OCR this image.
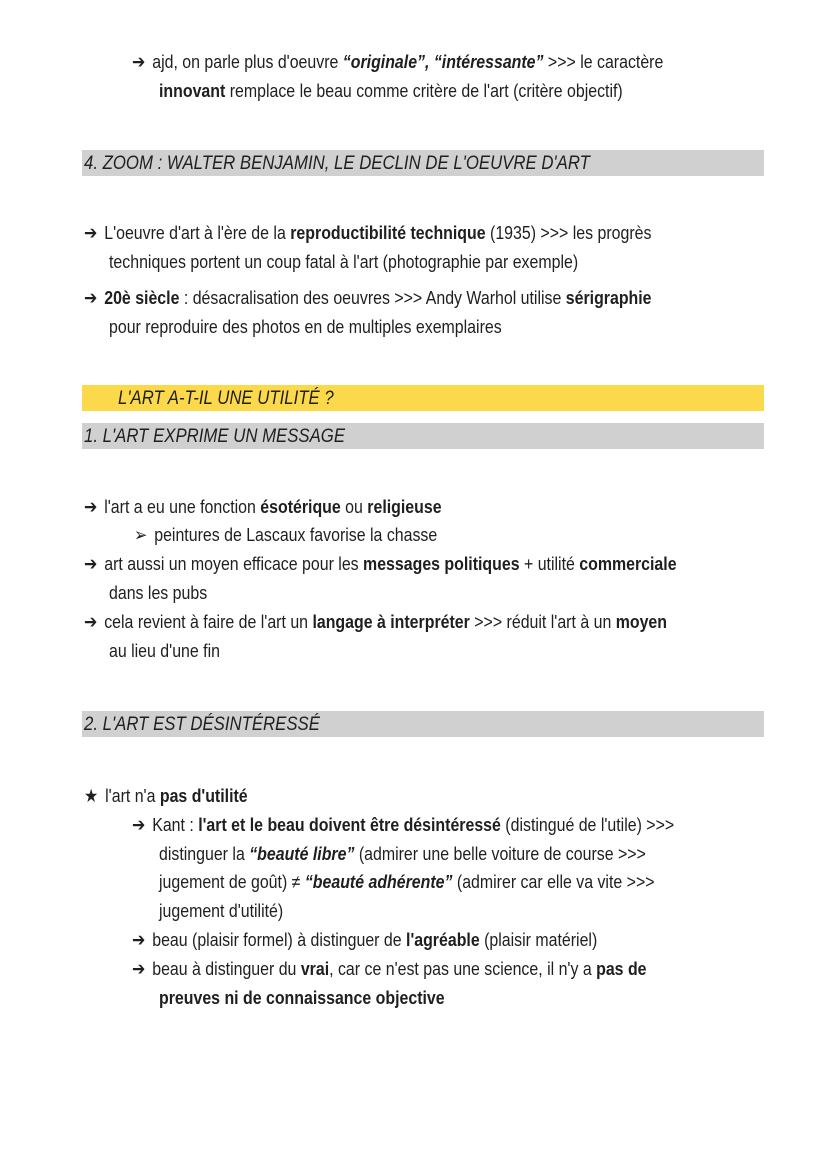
➔ ajd, on parle plus d'oeuvre “originale”, “intéressante” >>> le caractère
innovant remplace le beau comme critère de l'art (critère objectif)
4. ZOOM : WALTER BENJAMIN, LE DECLIN DE L'OEUVRE D'ART
➔ L'oeuvre d'art à l'ère de la reproductibilité technique (1935) >>> les progrès
techniques portent un coup fatal à l'art (photographie par exemple)
➔ 20è siècle : désacralisation des oeuvres >>> Andy Warhol utilise sérigraphie
pour reproduire des photos en de multiples exemplaires
L'ART A-T-IL UNE UTILITÉ ?
1. L'ART EXPRIME UN MESSAGE
➔ l'art a eu une fonction ésotérique ou religieuse
➢ peintures de Lascaux favorise la chasse
➔ art aussi un moyen efficace pour les messages politiques + utilité commerciale
dans les pubs
➔ cela revient à faire de l'art un langage à interpréter >>> réduit l'art à un moyen
au lieu d'une fin
2. L'ART EST DÉSINTÉRESSÉ
★ l'art n'a pas d'utilité
➔ Kant : l'art et le beau doivent être désintéressé (distingué de l'utile) >>>
distinguer la “beauté libre” (admirer une belle voiture de course >>>
jugement de goût) ≠ “beauté adhérente” (admirer car elle va vite >>>
jugement d'utilité)
➔ beau (plaisir formel) à distinguer de l'agréable (plaisir matériel)
➔ beau à distinguer du vrai, car ce n'est pas une science, il n'y a pas de
preuves ni de connaissance objective
